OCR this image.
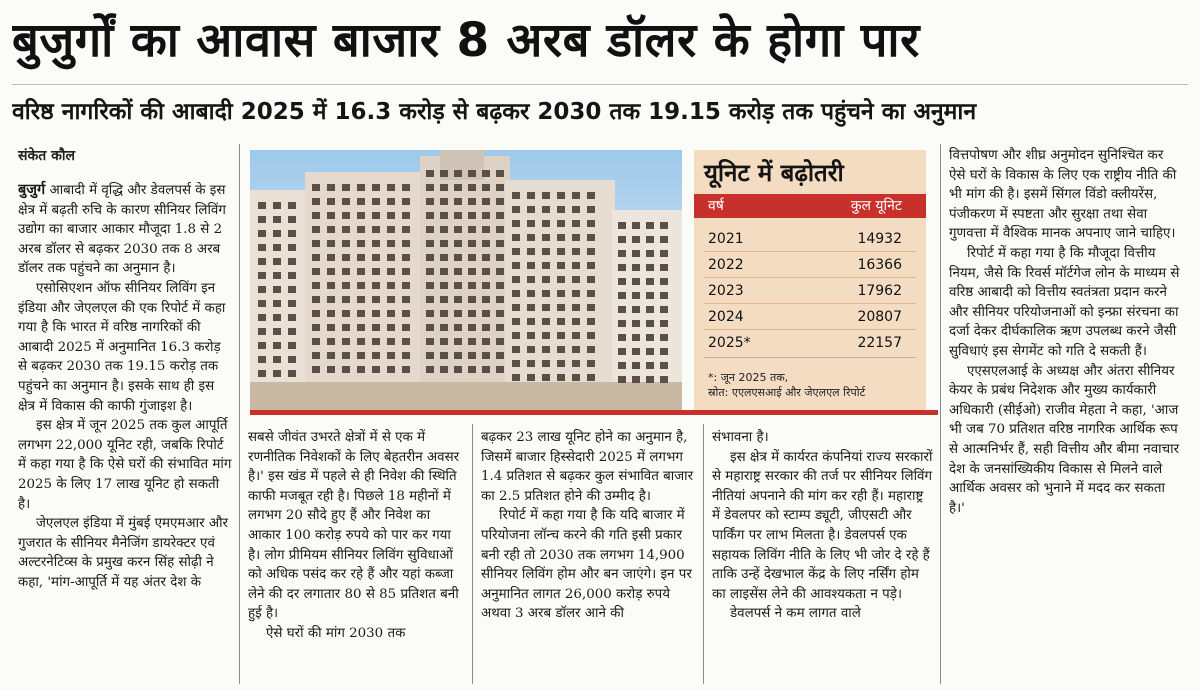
बुजुर्गों का आवास बाजार 8 अरब डॉलर के होगा पार
वरिष्ठ नागरिकों की आबादी 2025 में 16.3 करोड़ से बढ़कर 2030 तक 19.15 करोड़ तक पहुंचने का अनुमान
संकेत कौल

बुजुर्ग आबादी में वृद्धि और डेवलपर्स के इस क्षेत्र में बढ़ती रुचि के कारण सीनियर लिविंग उद्योग का बाजार आकार मौजूदा 1.8 से 2 अरब डॉलर से बढ़कर 2030 तक 8 अरब डॉलर तक पहुंचने का अनुमान है।

एसोसिएशन ऑफ सीनियर लिविंग इन इंडिया और जेएलएल की एक रिपोर्ट में कहा गया है कि भारत में वरिष्ठ नागरिकों की आबादी 2025 में अनुमानित 16.3 करोड़ से बढ़कर 2030 तक 19.15 करोड़ तक पहुंचने का अनुमान है। इसके साथ ही इस क्षेत्र में विकास की काफी गुंजाइश है।

इस क्षेत्र में जून 2025 तक कुल आपूर्ति लगभग 22,000 यूनिट रही, जबकि रिपोर्ट में कहा गया है कि ऐसे घरों की संभावित मांग 2025 के लिए 17 लाख यूनिट हो सकती है।

जेएलएल इंडिया में मुंबई एमएमआर और गुजरात के सीनियर मैनेजिंग डायरेक्टर एवं अल्टरनेटिव्स के प्रमुख करन सिंह सोढ़ी ने कहा, 'मांग-आपूर्ति में यह अंतर देश के

यूनिट में बढ़ोतरी
वर्ष	कुल यूनिट
2021	14932
2022	16366
2023	17962
2024	20807
2025*	22157
*: जून 2025 तक,
स्रोत: एएलएसआई और जेएलएल रिपोर्ट

सबसे जीवंत उभरते क्षेत्रों में से एक में रणनीतिक निवेशकों के लिए बेहतरीन अवसर है।' इस खंड में पहले से ही निवेश की स्थिति काफी मजबूत रही है। पिछले 18 महीनों में लगभग 20 सौदे हुए हैं और निवेश का आकार 100 करोड़ रुपये को पार कर गया है। लोग प्रीमियम सीनियर लिविंग सुविधाओं को अधिक पसंद कर रहे हैं और यहां कब्जा लेने की दर लगातार 80 से 85 प्रतिशत बनी हुई है।

ऐसे घरों की मांग 2030 तक

बढ़कर 23 लाख यूनिट होने का अनुमान है, जिसमें बाजार हिस्सेदारी 2025 में लगभग 1.4 प्रतिशत से बढ़कर कुल संभावित बाजार का 2.5 प्रतिशत होने की उम्मीद है।

रिपोर्ट में कहा गया है कि यदि बाजार में परियोजना लॉन्च करने की गति इसी प्रकार बनी रही तो 2030 तक लगभग 14,900 सीनियर लिविंग होम और बन जाएंगे। इन पर अनुमानित लागत 26,000 करोड़ रुपये अथवा 3 अरब डॉलर आने की

संभावना है।

इस क्षेत्र में कार्यरत कंपनियां राज्य सरकारों से महाराष्ट्र सरकार की तर्ज पर सीनियर लिविंग नीतियां अपनाने की मांग कर रही हैं। महाराष्ट्र में डेवलपर को स्टाम्प ड्यूटी, जीएसटी और पार्किंग पर लाभ मिलता है। डेवलपर्स एक सहायक लिविंग नीति के लिए भी जोर दे रहे हैं ताकि उन्हें देखभाल केंद्र के लिए नर्सिंग होम का लाइसेंस लेने की आवश्यकता न पड़े।

डेवलपर्स ने कम लागत वाले

वित्तपोषण और शीघ्र अनुमोदन सुनिश्चित कर ऐसे घरों के विकास के लिए एक राष्ट्रीय नीति की भी मांग की है। इसमें सिंगल विंडो क्लीयरेंस, पंजीकरण में स्पष्टता और सुरक्षा तथा सेवा गुणवत्ता में वैश्विक मानक अपनाए जाने चाहिए।

रिपोर्ट में कहा गया है कि मौजूदा वित्तीय नियम, जैसे कि रिवर्स मॉर्टगेज लोन के माध्यम से वरिष्ठ आबादी को वित्तीय स्वतंत्रता प्रदान करने और सीनियर परियोजनाओं को इन्फ्रा संरचना का दर्जा देकर दीर्घकालिक ऋण उपलब्ध करने जैसी सुविधाएं इस सेगमेंट को गति दे सकती हैं।

एएसएलआई के अध्यक्ष और अंतरा सीनियर केयर के प्रबंध निदेशक और मुख्य कार्यकारी अधिकारी (सीईओ) राजीव मेहता ने कहा, 'आज भी जब 70 प्रतिशत वरिष्ठ नागरिक आर्थिक रूप से आत्मनिर्भर हैं, सही वित्तीय और बीमा नवाचार देश के जनसांख्यिकीय विकास से मिलने वाले आर्थिक अवसर को भुनाने में मदद कर सकता है।'
